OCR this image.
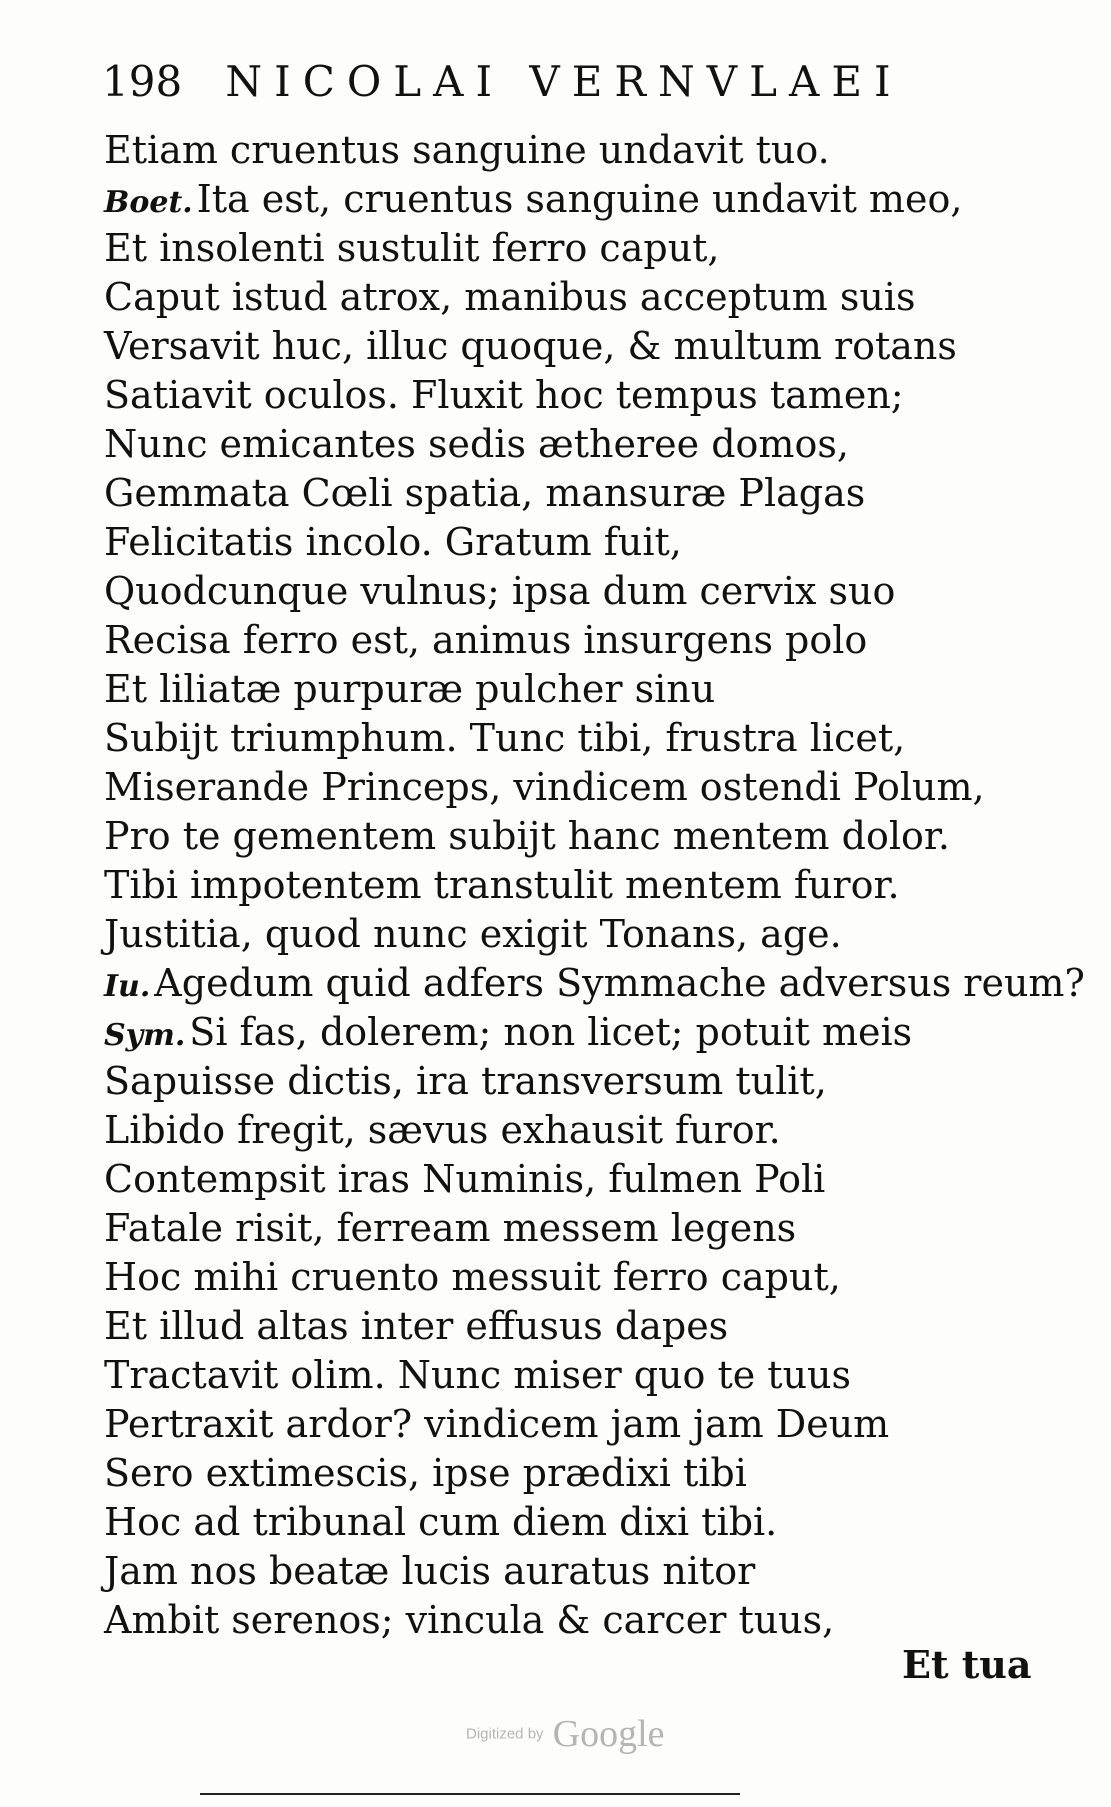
198 NICOLAI VERNVLAEI
Etiam cruentus sanguine undavit tuo.
Boet. Ita est, cruentus sanguine undavit meo,
Et insolenti sustulit ferro caput,
Caput istud atrox, manibus acceptum suis
Versavit huc, illuc quoque, & multum rotans
Satiavit oculos. Fluxit hoc tempus tamen;
Nunc emicantes sedis ætheree domos,
Gemmata Cœli spatia, mansuræ Plagas
Felicitatis incolo. Gratum fuit,
Quodcunque vulnus; ipsa dum cervix suo
Recisa ferro est, animus insurgens polo
Et liliatæ purpuræ pulcher sinu
Subijt triumphum. Tunc tibi, frustra licet,
Miserande Princeps, vindicem ostendi Polum,
Pro te gementem subijt hanc mentem dolor.
Tibi impotentem transtulit mentem furor.
Justitia, quod nunc exigit Tonans, age.
Iu. Agedum quid adfers Symmache adversus reum?
Sym. Si fas, dolerem; non licet; potuit meis
Sapuisse dictis, ira transversum tulit,
Libido fregit, sævus exhausit furor.
Contempsit iras Numinis, fulmen Poli
Fatale risit, ferream messem legens
Hoc mihi cruento messuit ferro caput,
Et illud altas inter effusus dapes
Tractavit olim. Nunc miser quo te tuus
Pertraxit ardor? vindicem jam jam Deum
Sero extimescis, ipse prædixi tibi
Hoc ad tribunal cum diem dixi tibi.
Jam nos beatæ lucis auratus nitor
Ambit serenos; vincula & carcer tuus,
Et tua
Digitized by Google
